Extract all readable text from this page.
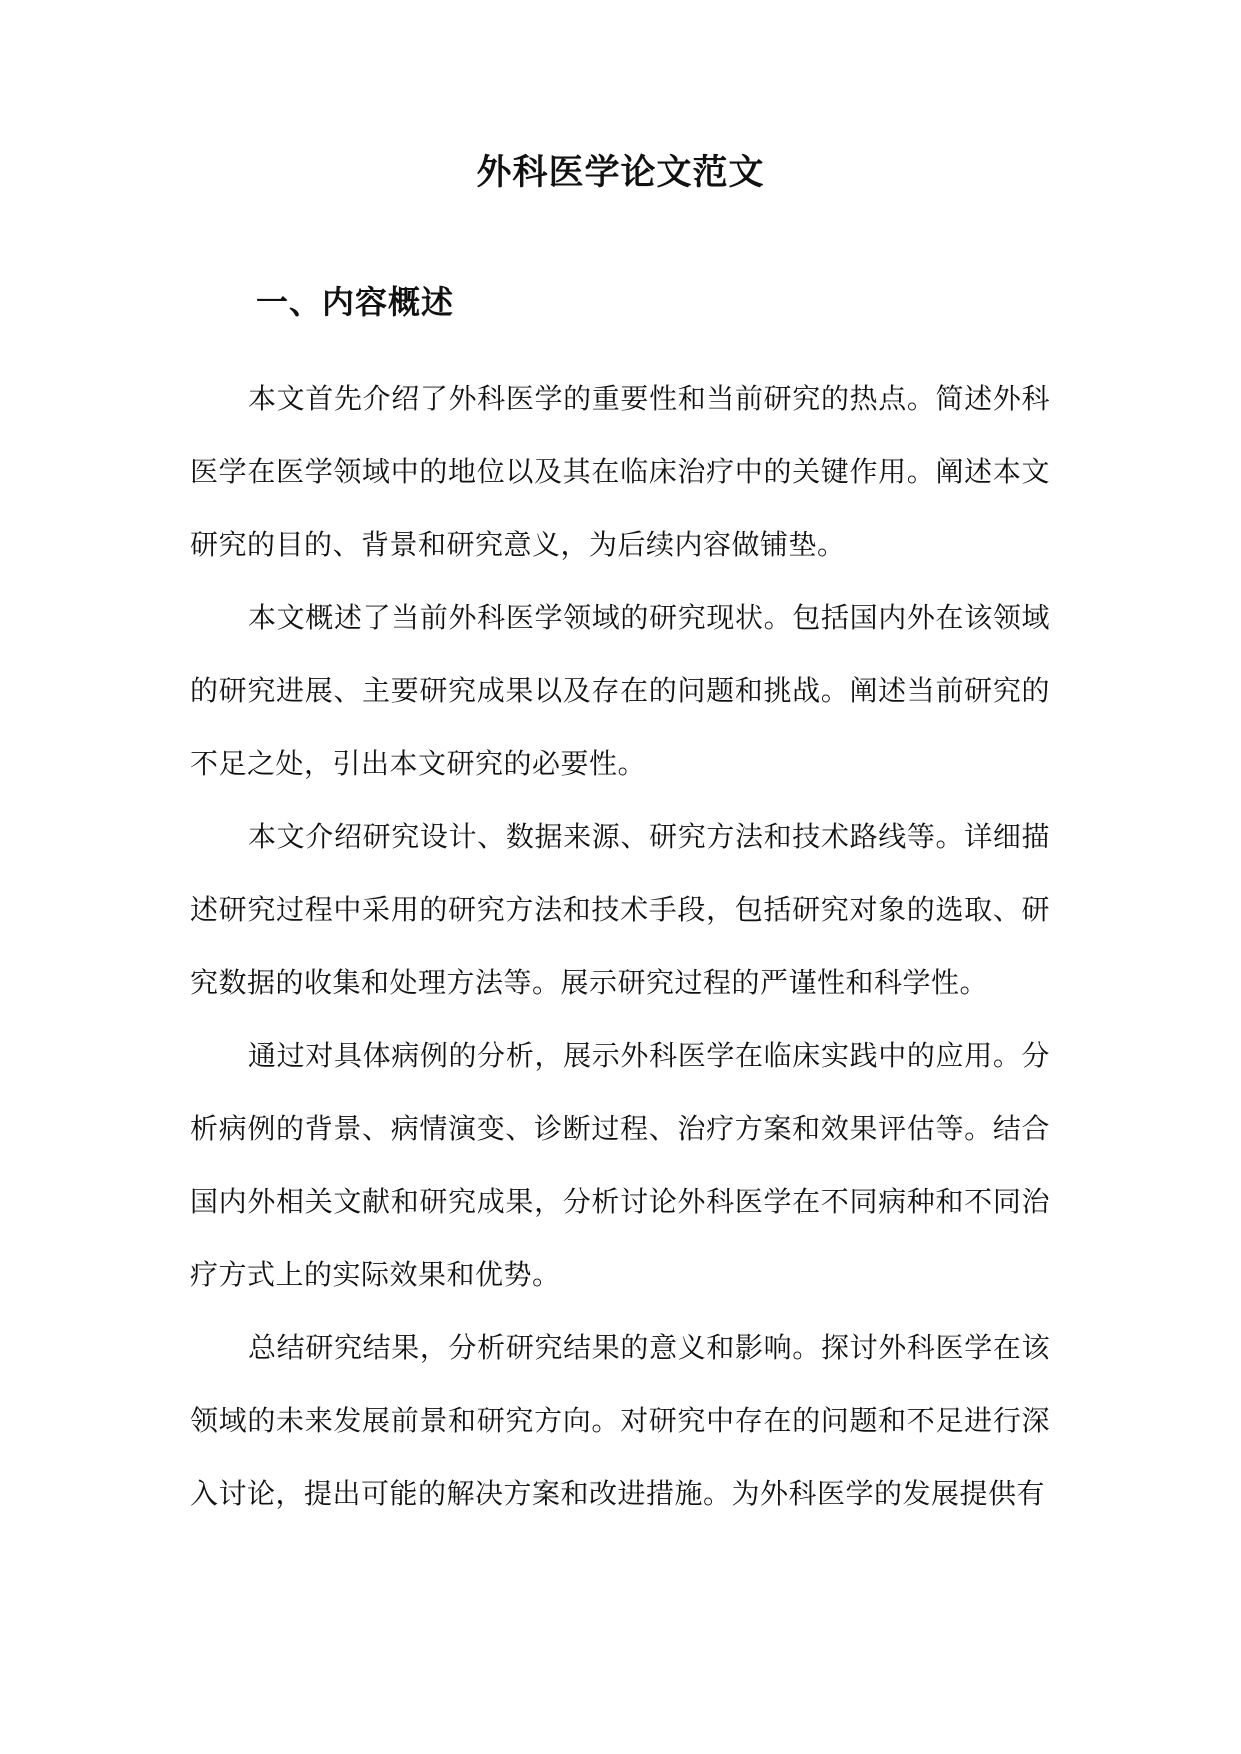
外科医学论文范文
一、内容概述

本文首先介绍了外科医学的重要性和当前研究的热点。简述外科医学在医学领域中的地位以及其在临床治疗中的关键作用。阐述本文研究的目的、背景和研究意义，为后续内容做铺垫。

本文概述了当前外科医学领域的研究现状。包括国内外在该领域的研究进展、主要研究成果以及存在的问题和挑战。阐述当前研究的不足之处，引出本文研究的必要性。

本文介绍研究设计、数据来源、研究方法和技术路线等。详细描述研究过程中采用的研究方法和技术手段，包括研究对象的选取、研究数据的收集和处理方法等。展示研究过程的严谨性和科学性。

通过对具体病例的分析，展示外科医学在临床实践中的应用。分析病例的背景、病情演变、诊断过程、治疗方案和效果评估等。结合国内外相关文献和研究成果，分析讨论外科医学在不同病种和不同治疗方式上的实际效果和优势。

总结研究结果，分析研究结果的意义和影响。探讨外科医学在该领域的未来发展前景和研究方向。对研究中存在的问题和不足进行深入讨论，提出可能的解决方案和改进措施。为外科医学的发展提供有
